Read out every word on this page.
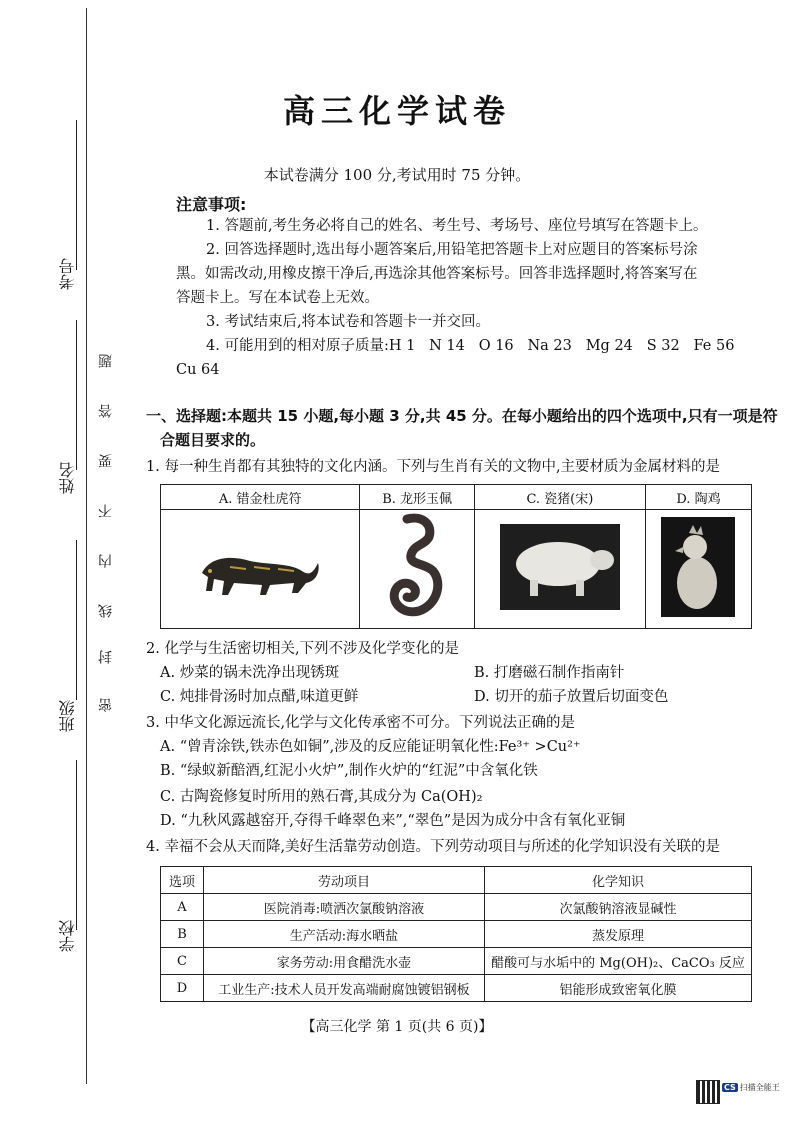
考号
姓名
班级
学校
题
答
要
不
内
线
封
密
高三化学试卷
本试卷满分 100 分,考试用时 75 分钟。
注意事项:
1. 答题前,考生务必将自己的姓名、考生号、考场号、座位号填写在答题卡上。
2. 回答选择题时,选出每小题答案后,用铅笔把答题卡上对应题目的答案标号涂
黑。如需改动,用橡皮擦干净后,再选涂其他答案标号。回答非选择题时,将答案写在
答题卡上。写在本试卷上无效。
3. 考试结束后,将本试卷和答题卡一并交回。
4. 可能用到的相对原子质量:H 1   N 14   O 16   Na 23   Mg 24   S 32   Fe 56
Cu 64
一、选择题:本题共 15 小题,每小题 3 分,共 45 分。在每小题给出的四个选项中,只有一项是符
合题目要求的。
1. 每一种生肖都有其独特的文化内涵。下列与生肖有关的文物中,主要材质为金属材料的是
A. 错金杜虎符	B. 龙形玉佩	C. 瓷猪(宋)	D. 陶鸡

2. 化学与生活密切相关,下列不涉及化学变化的是
A. 炒菜的锅未洗净出现锈斑	B. 打磨磁石制作指南针
C. 炖排骨汤时加点醋,味道更鲜	D. 切开的茄子放置后切面变色
3. 中华文化源远流长,化学与文化传承密不可分。下列说法正确的是
A. “曾青涂铁,铁赤色如铜”,涉及的反应能证明氧化性:Fe³⁺ >Cu²⁺
B. “绿蚁新醅酒,红泥小火炉”,制作火炉的“红泥”中含氧化铁
C. 古陶瓷修复时所用的熟石膏,其成分为 Ca(OH)₂
D. “九秋风露越窑开,夺得千峰翠色来”,“翠色”是因为成分中含有氧化亚铜
4. 幸福不会从天而降,美好生活靠劳动创造。下列劳动项目与所述的化学知识没有关联的是
选项	劳动项目	化学知识
A	医院消毒:喷洒次氯酸钠溶液	次氯酸钠溶液显碱性
B	生产活动:海水晒盐	蒸发原理
C	家务劳动:用食醋洗水壶	醋酸可与水垢中的 Mg(OH)₂、CaCO₃ 反应
D	工业生产:技术人员开发高端耐腐蚀镀铝钢板	铝能形成致密氧化膜
【高三化学 第 1 页(共 6 页)】
CS 扫描全能王
